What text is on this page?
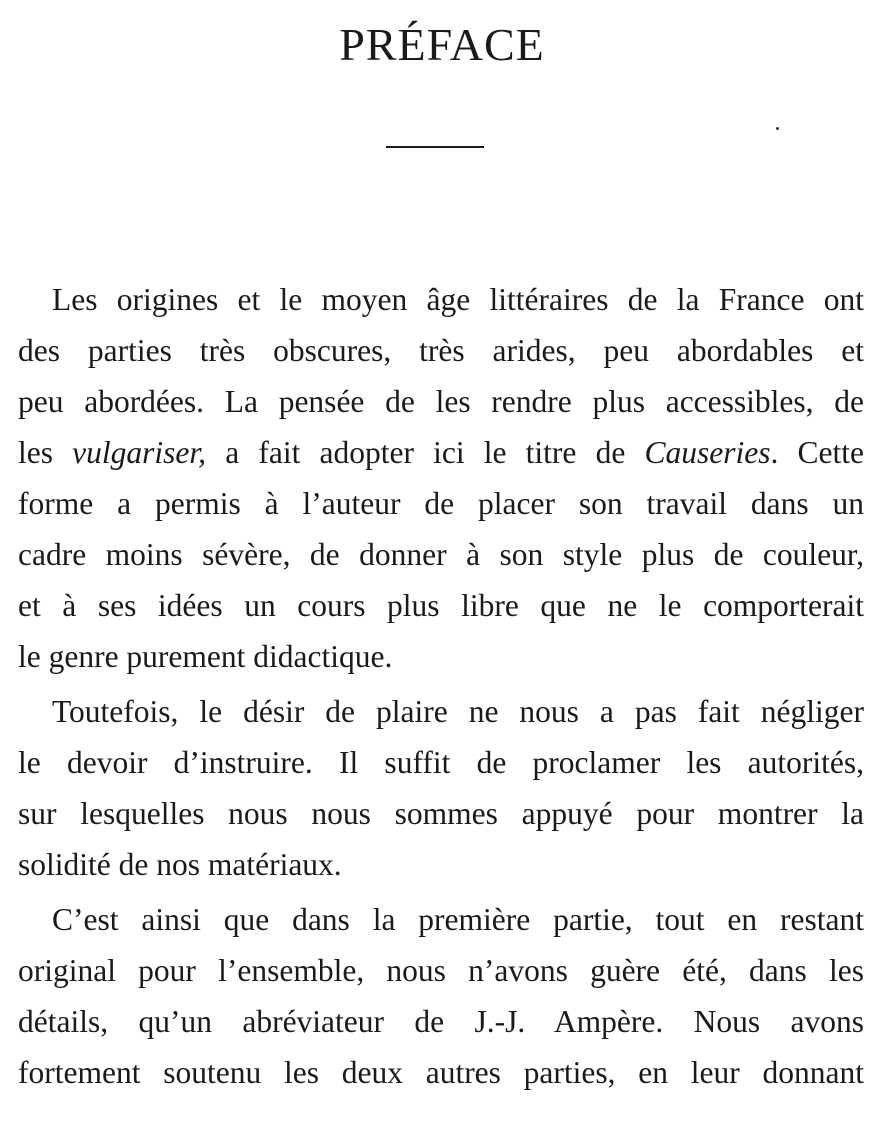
PRÉFACE
Les origines et le moyen âge littéraires de la France ont
des parties très obscures, très arides, peu abordables et
peu abordées. La pensée de les rendre plus accessibles, de
les vulgariser, a fait adopter ici le titre de Causeries. Cette
forme a permis à l’auteur de placer son travail dans un
cadre moins sévère, de donner à son style plus de couleur,
et à ses idées un cours plus libre que ne le comporterait
le genre purement didactique.
Toutefois, le désir de plaire ne nous a pas fait négliger
le devoir d’instruire. Il suffit de proclamer les autorités,
sur lesquelles nous nous sommes appuyé pour montrer la
solidité de nos matériaux.
C’est ainsi que dans la première partie, tout en restant
original pour l’ensemble, nous n’avons guère été, dans les
détails, qu’un abréviateur de J.-J. Ampère. Nous avons
fortement soutenu les deux autres parties, en leur donnant
